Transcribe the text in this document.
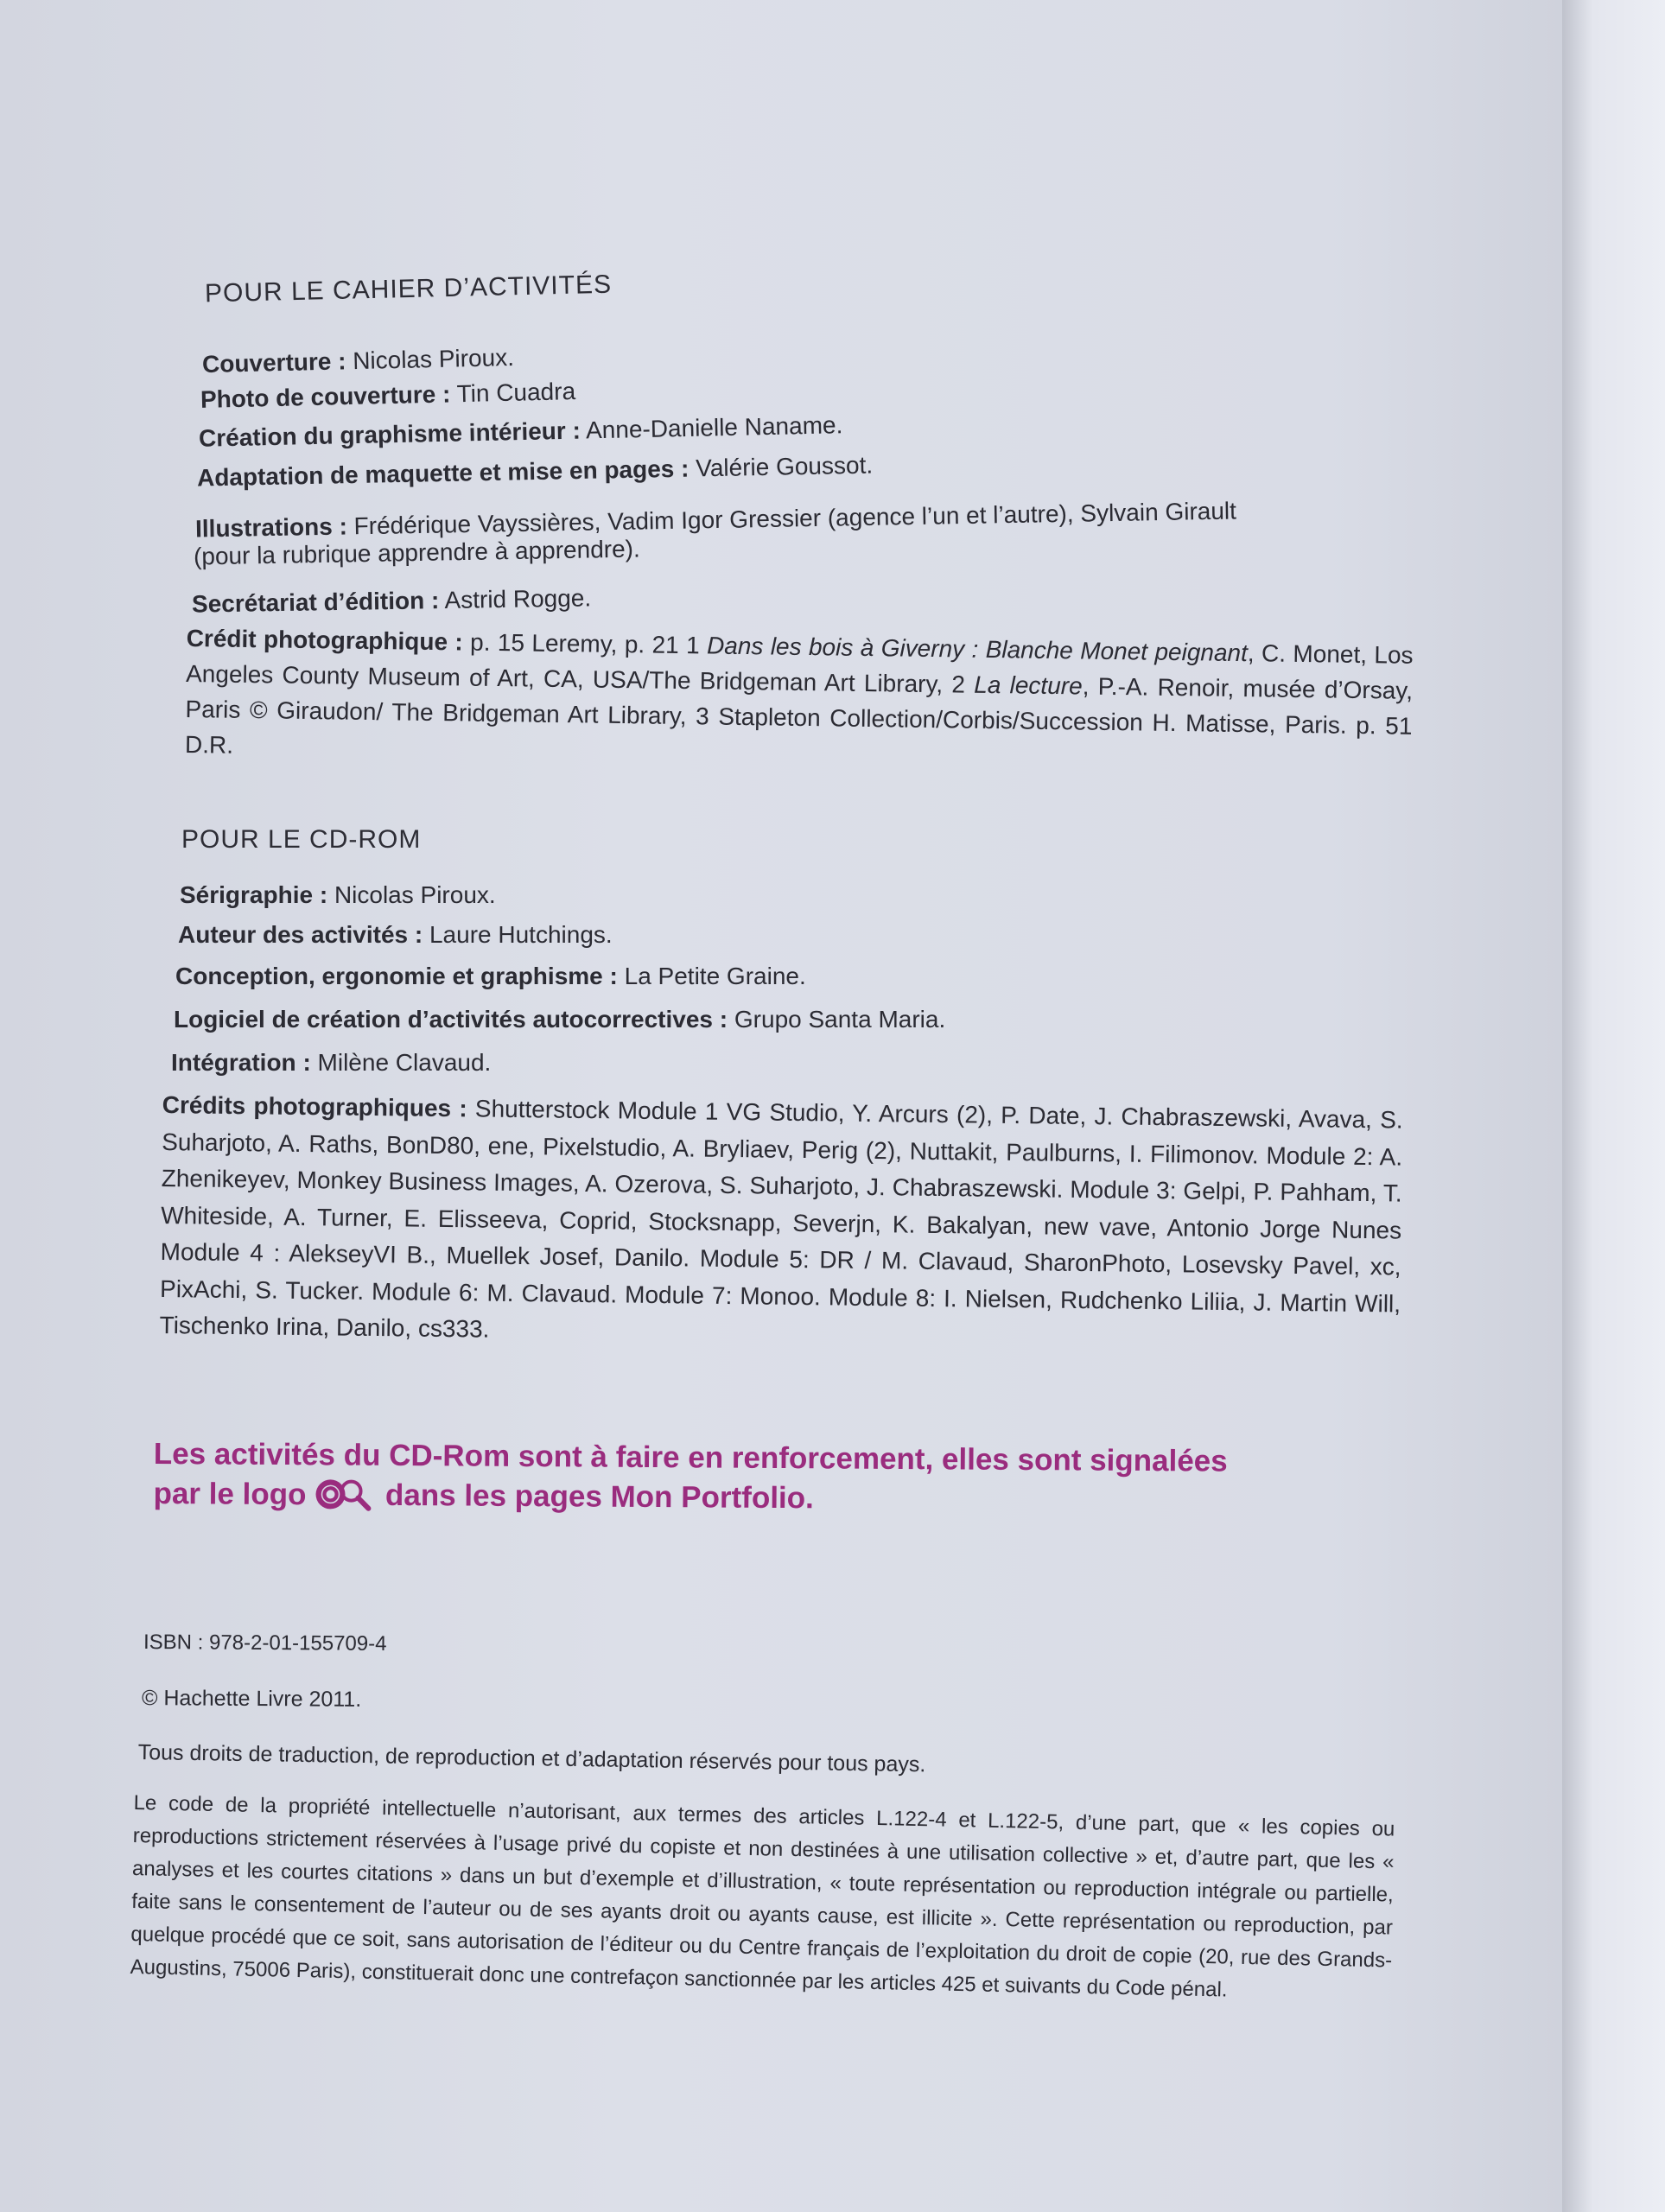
POUR LE CAHIER D’ACTIVITÉS
Couverture : Nicolas Piroux.
Photo de couverture : Tin Cuadra
Création du graphisme intérieur : Anne-Danielle Naname.
Adaptation de maquette et mise en pages : Valérie Goussot.
Illustrations : Frédérique Vayssières, Vadim Igor Gressier (agence l’un et l’autre), Sylvain Girault
(pour la rubrique apprendre à apprendre).
Secrétariat d’édition : Astrid Rogge.
Crédit photographique : p. 15 Leremy, p. 21 1 Dans les bois à Giverny : Blanche Monet peignant, C. Monet, Los Angeles County Museum of Art, CA, USA/The Bridgeman Art Library, 2 La lecture, P.-A. Renoir, musée d’Orsay, Paris © Giraudon/ The Bridgeman Art Library, 3 Stapleton Collection/Corbis/Succession H. Matisse, Paris. p. 51 D.R.
POUR LE CD-ROM
Sérigraphie : Nicolas Piroux.
Auteur des activités : Laure Hutchings.
Conception, ergonomie et graphisme : La Petite Graine.
Logiciel de création d’activités autocorrectives : Grupo Santa Maria.
Intégration : Milène Clavaud.
Crédits photographiques : Shutterstock Module 1 VG Studio, Y. Arcurs (2), P. Date, J. Chabraszewski, Avava, S. Suharjoto, A. Raths, BonD80, ene, Pixelstudio, A. Bryliaev, Perig (2), Nuttakit, Paulburns, I. Filimonov. Module 2: A. Zhenikeyev, Monkey Business Images, A. Ozerova, S. Suharjoto, J. Chabraszewski. Module 3: Gelpi, P. Pahham, T. Whiteside, A. Turner, E. Elisseeva, Coprid, Stocksnapp, Severjn, K. Bakalyan, new vave, Antonio Jorge Nunes Module 4 : AlekseyVI B., Muellek Josef, Danilo. Module 5: DR / M. Clavaud, SharonPhoto, Losevsky Pavel, xc, PixAchi, S. Tucker. Module 6: M. Clavaud. Module 7: Monoo. Module 8: I. Nielsen, Rudchenko Liliia, J. Martin Will, Tischenko Irina, Danilo, cs333.
Les activités du CD-Rom sont à faire en renforcement, elles sont signalées
par le logo  dans les pages Mon Portfolio.
ISBN : 978-2-01-155709-4
© Hachette Livre 2011.
Tous droits de traduction, de reproduction et d’adaptation réservés pour tous pays.
Le code de la propriété intellectuelle n’autorisant, aux termes des articles L.122-4 et L.122-5, d’une part, que « les copies ou reproductions strictement réservées à l’usage privé du copiste et non destinées à une utilisation collective » et, d’autre part, que les « analyses et les courtes citations » dans un but d’exemple et d’illustration, « toute représentation ou reproduction intégrale ou partielle, faite sans le consentement de l’auteur ou de ses ayants droit ou ayants cause, est illicite ». Cette représentation ou reproduction, par quelque procédé que ce soit, sans autorisation de l’éditeur ou du Centre français de l’exploitation du droit de copie (20, rue des Grands-Augustins, 75006 Paris), constituerait donc une contrefaçon sanctionnée par les articles 425 et suivants du Code pénal.
